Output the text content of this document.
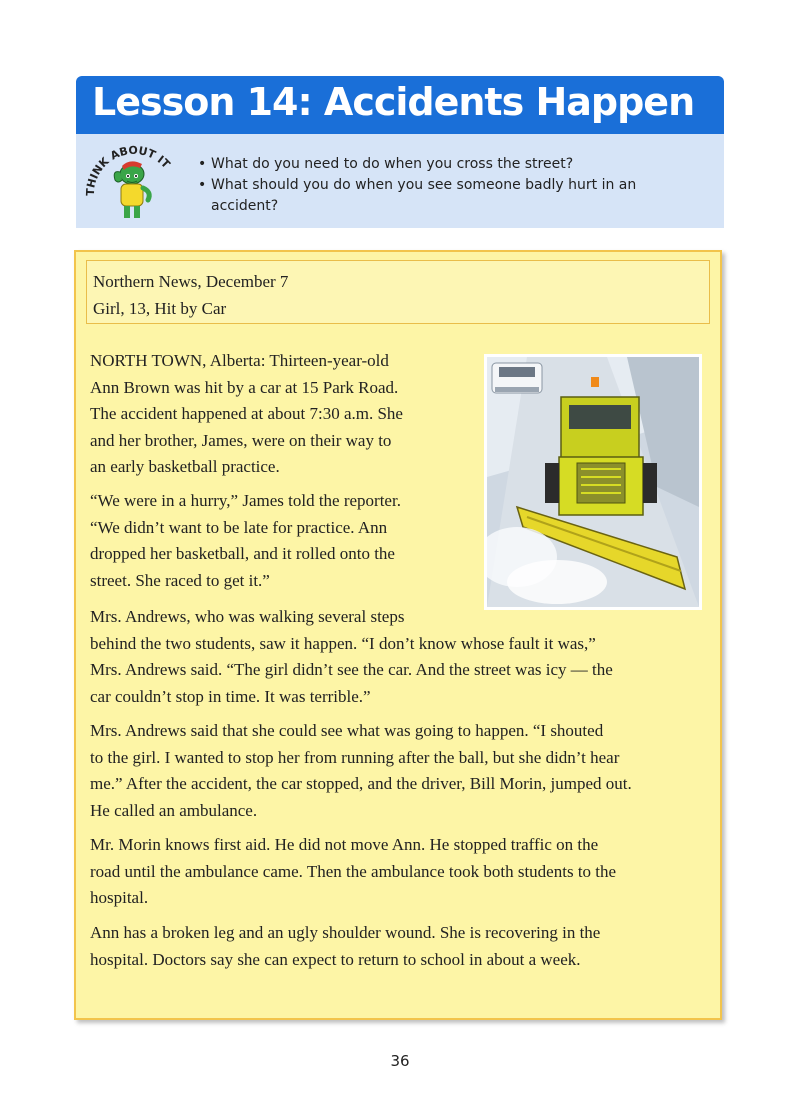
Lesson 14: Accidents Happen
THINK ABOUT IT
•	What do you need to do when you cross the street?
• What should you do when you see someone badly hurt in an
accident?
Northern News, December 7
Girl, 13, Hit by Car

NORTH TOWN, Alberta: Thirteen-year-old
Ann Brown was hit by a car at 15 Park Road.
The accident happened at about 7:30 a.m. She
and her brother, James, were on their way to
an early basketball practice.

“We were in a hurry,” James told the reporter.
“We didn’t want to be late for practice. Ann
dropped her basketball, and it rolled onto the
street. She raced to get it.”

Mrs. Andrews, who was walking several steps
behind the two students, saw it happen. “I don’t know whose fault it was,”
Mrs. Andrews said. “The girl didn’t see the car. And the street was icy — the
car couldn’t stop in time. It was terrible.”

Mrs. Andrews said that she could see what was going to happen. “I shouted
to the girl. I wanted to stop her from running after the ball, but she didn’t hear
me.” After the accident, the car stopped, and the driver, Bill Morin, jumped out.
He called an ambulance.

Mr. Morin knows first aid. He did not move Ann. He stopped traffic on the
road until the ambulance came. Then the ambulance took both students to the
hospital.

Ann has a broken leg and an ugly shoulder wound. She is recovering in the
hospital. Doctors say she can expect to return to school in about a week.

36
